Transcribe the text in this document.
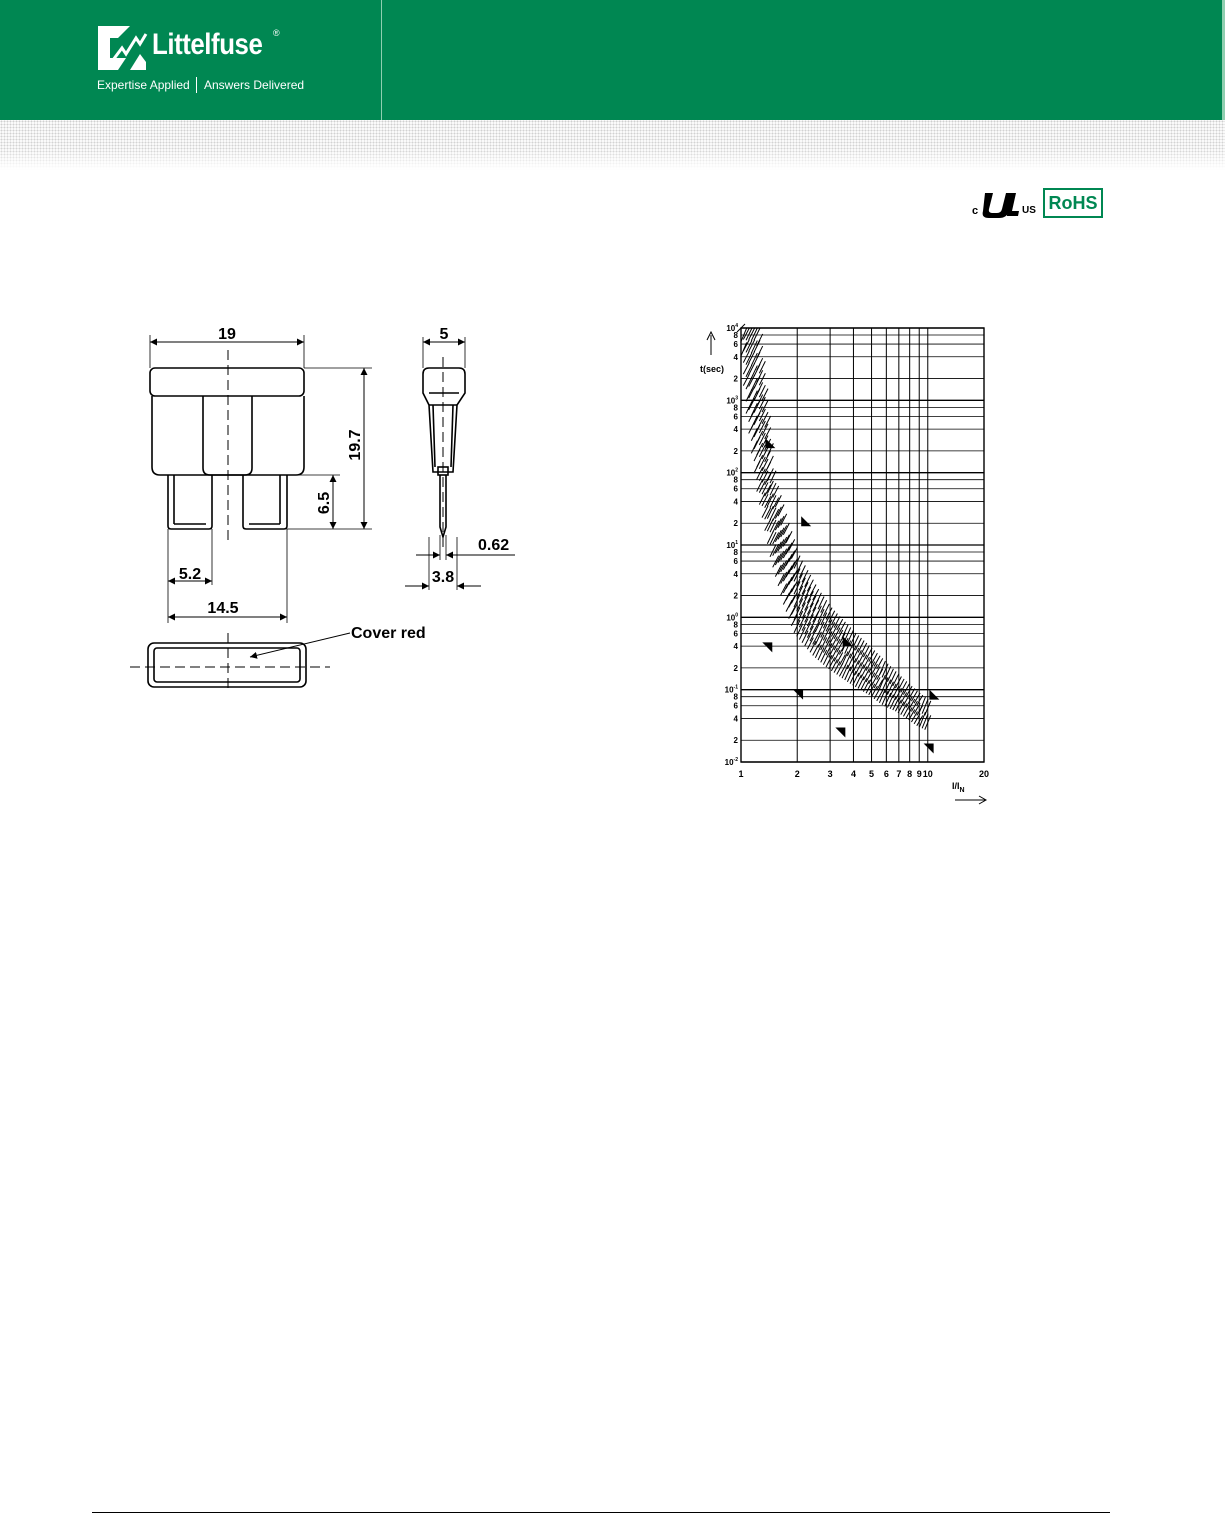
Littelfuse ®
Expertise Applied Answers Delivered
c	US RoHS
19	5
19.7
6.5
0.62
5.2	3.8
14.5
Cover red
$10^4$
8
6
4
2
$10^3$
8
6
4
2
$10^2$
8
6
4
2
$10^1$
8
6
4
2
$10^0$
8
6
4
2
$10^{-1}$
8
6
4
2
$10^{-2}$
1	2	3 4 5 6 7 8 9 10	20
t(sec)
$I/I_N$
